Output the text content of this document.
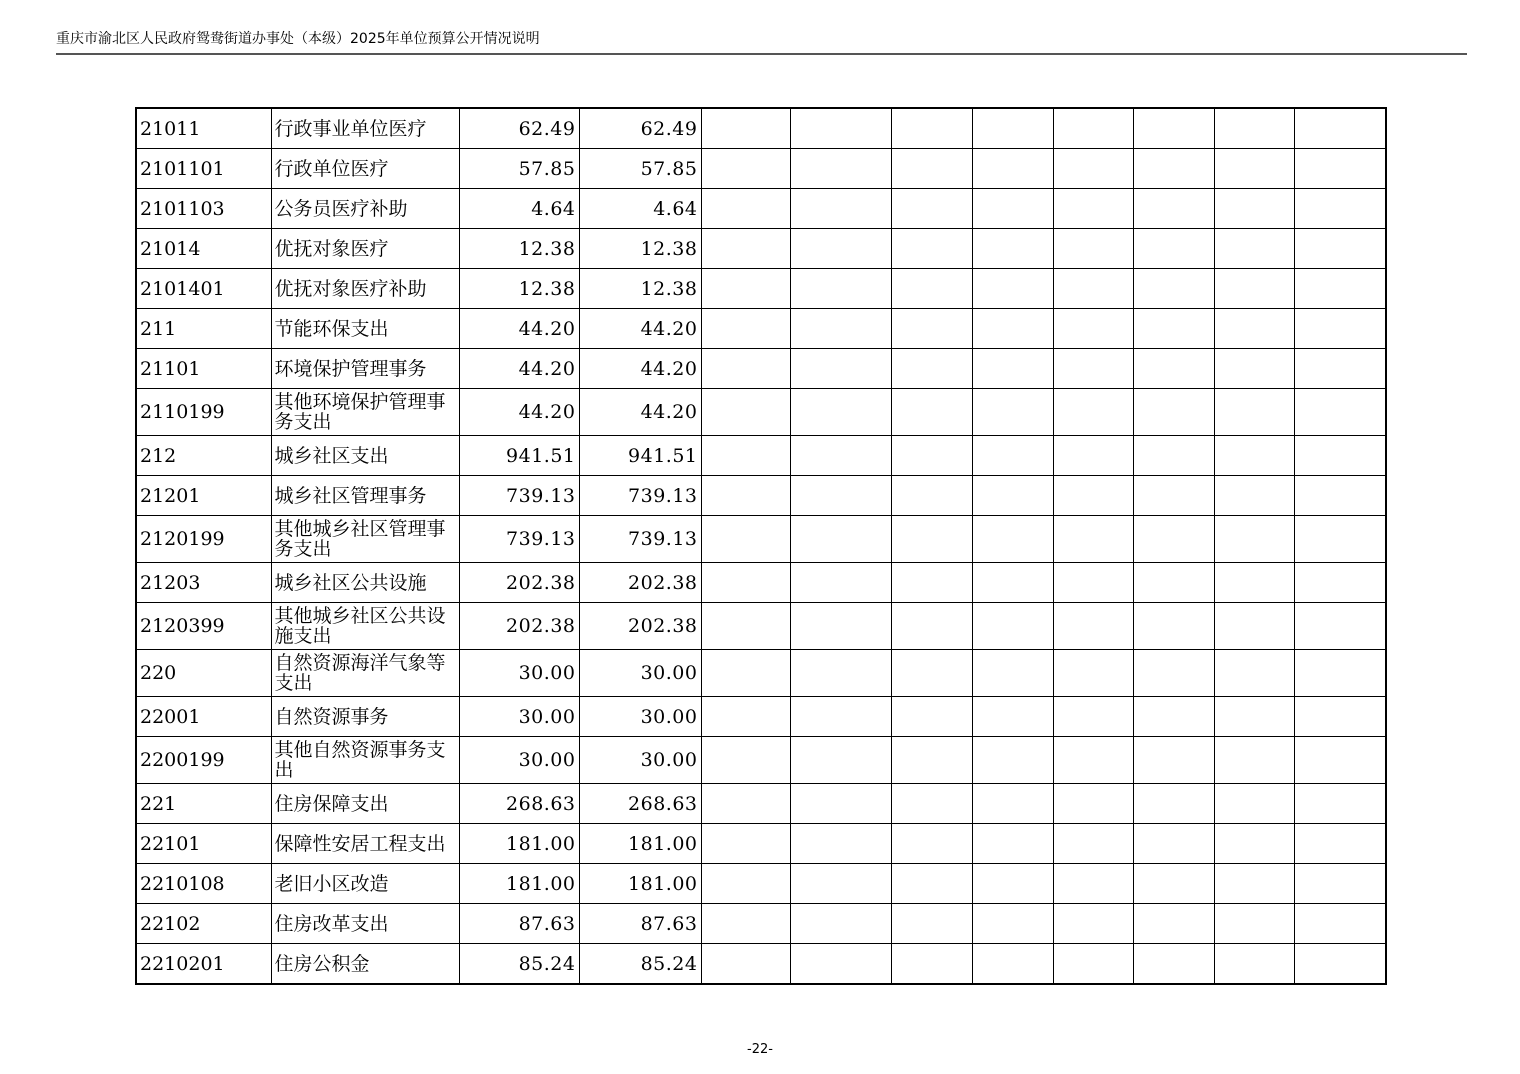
重庆市渝北区人民政府鸳鸯街道办事处（本级）2025年单位预算公开情况说明
21011	行政事业单位医疗	62.49	62.49								
2101101	行政单位医疗	57.85	57.85								
2101103	公务员医疗补助	4.64	4.64								
21014	优抚对象医疗	12.38	12.38								
2101401	优抚对象医疗补助	12.38	12.38								
211	节能环保支出	44.20	44.20								
21101	环境保护管理事务	44.20	44.20								
2110199	其他环境保护管理事务支出	44.20	44.20								
212	城乡社区支出	941.51	941.51								
21201	城乡社区管理事务	739.13	739.13								
2120199	其他城乡社区管理事务支出	739.13	739.13								
21203	城乡社区公共设施	202.38	202.38								
2120399	其他城乡社区公共设施支出	202.38	202.38								
220	自然资源海洋气象等支出	30.00	30.00								
22001	自然资源事务	30.00	30.00								
2200199	其他自然资源事务支出	30.00	30.00								
221	住房保障支出	268.63	268.63								
22101	保障性安居工程支出	181.00	181.00								
2210108	老旧小区改造	181.00	181.00								
22102	住房改革支出	87.63	87.63								
2210201	住房公积金	85.24	85.24								
-22-
